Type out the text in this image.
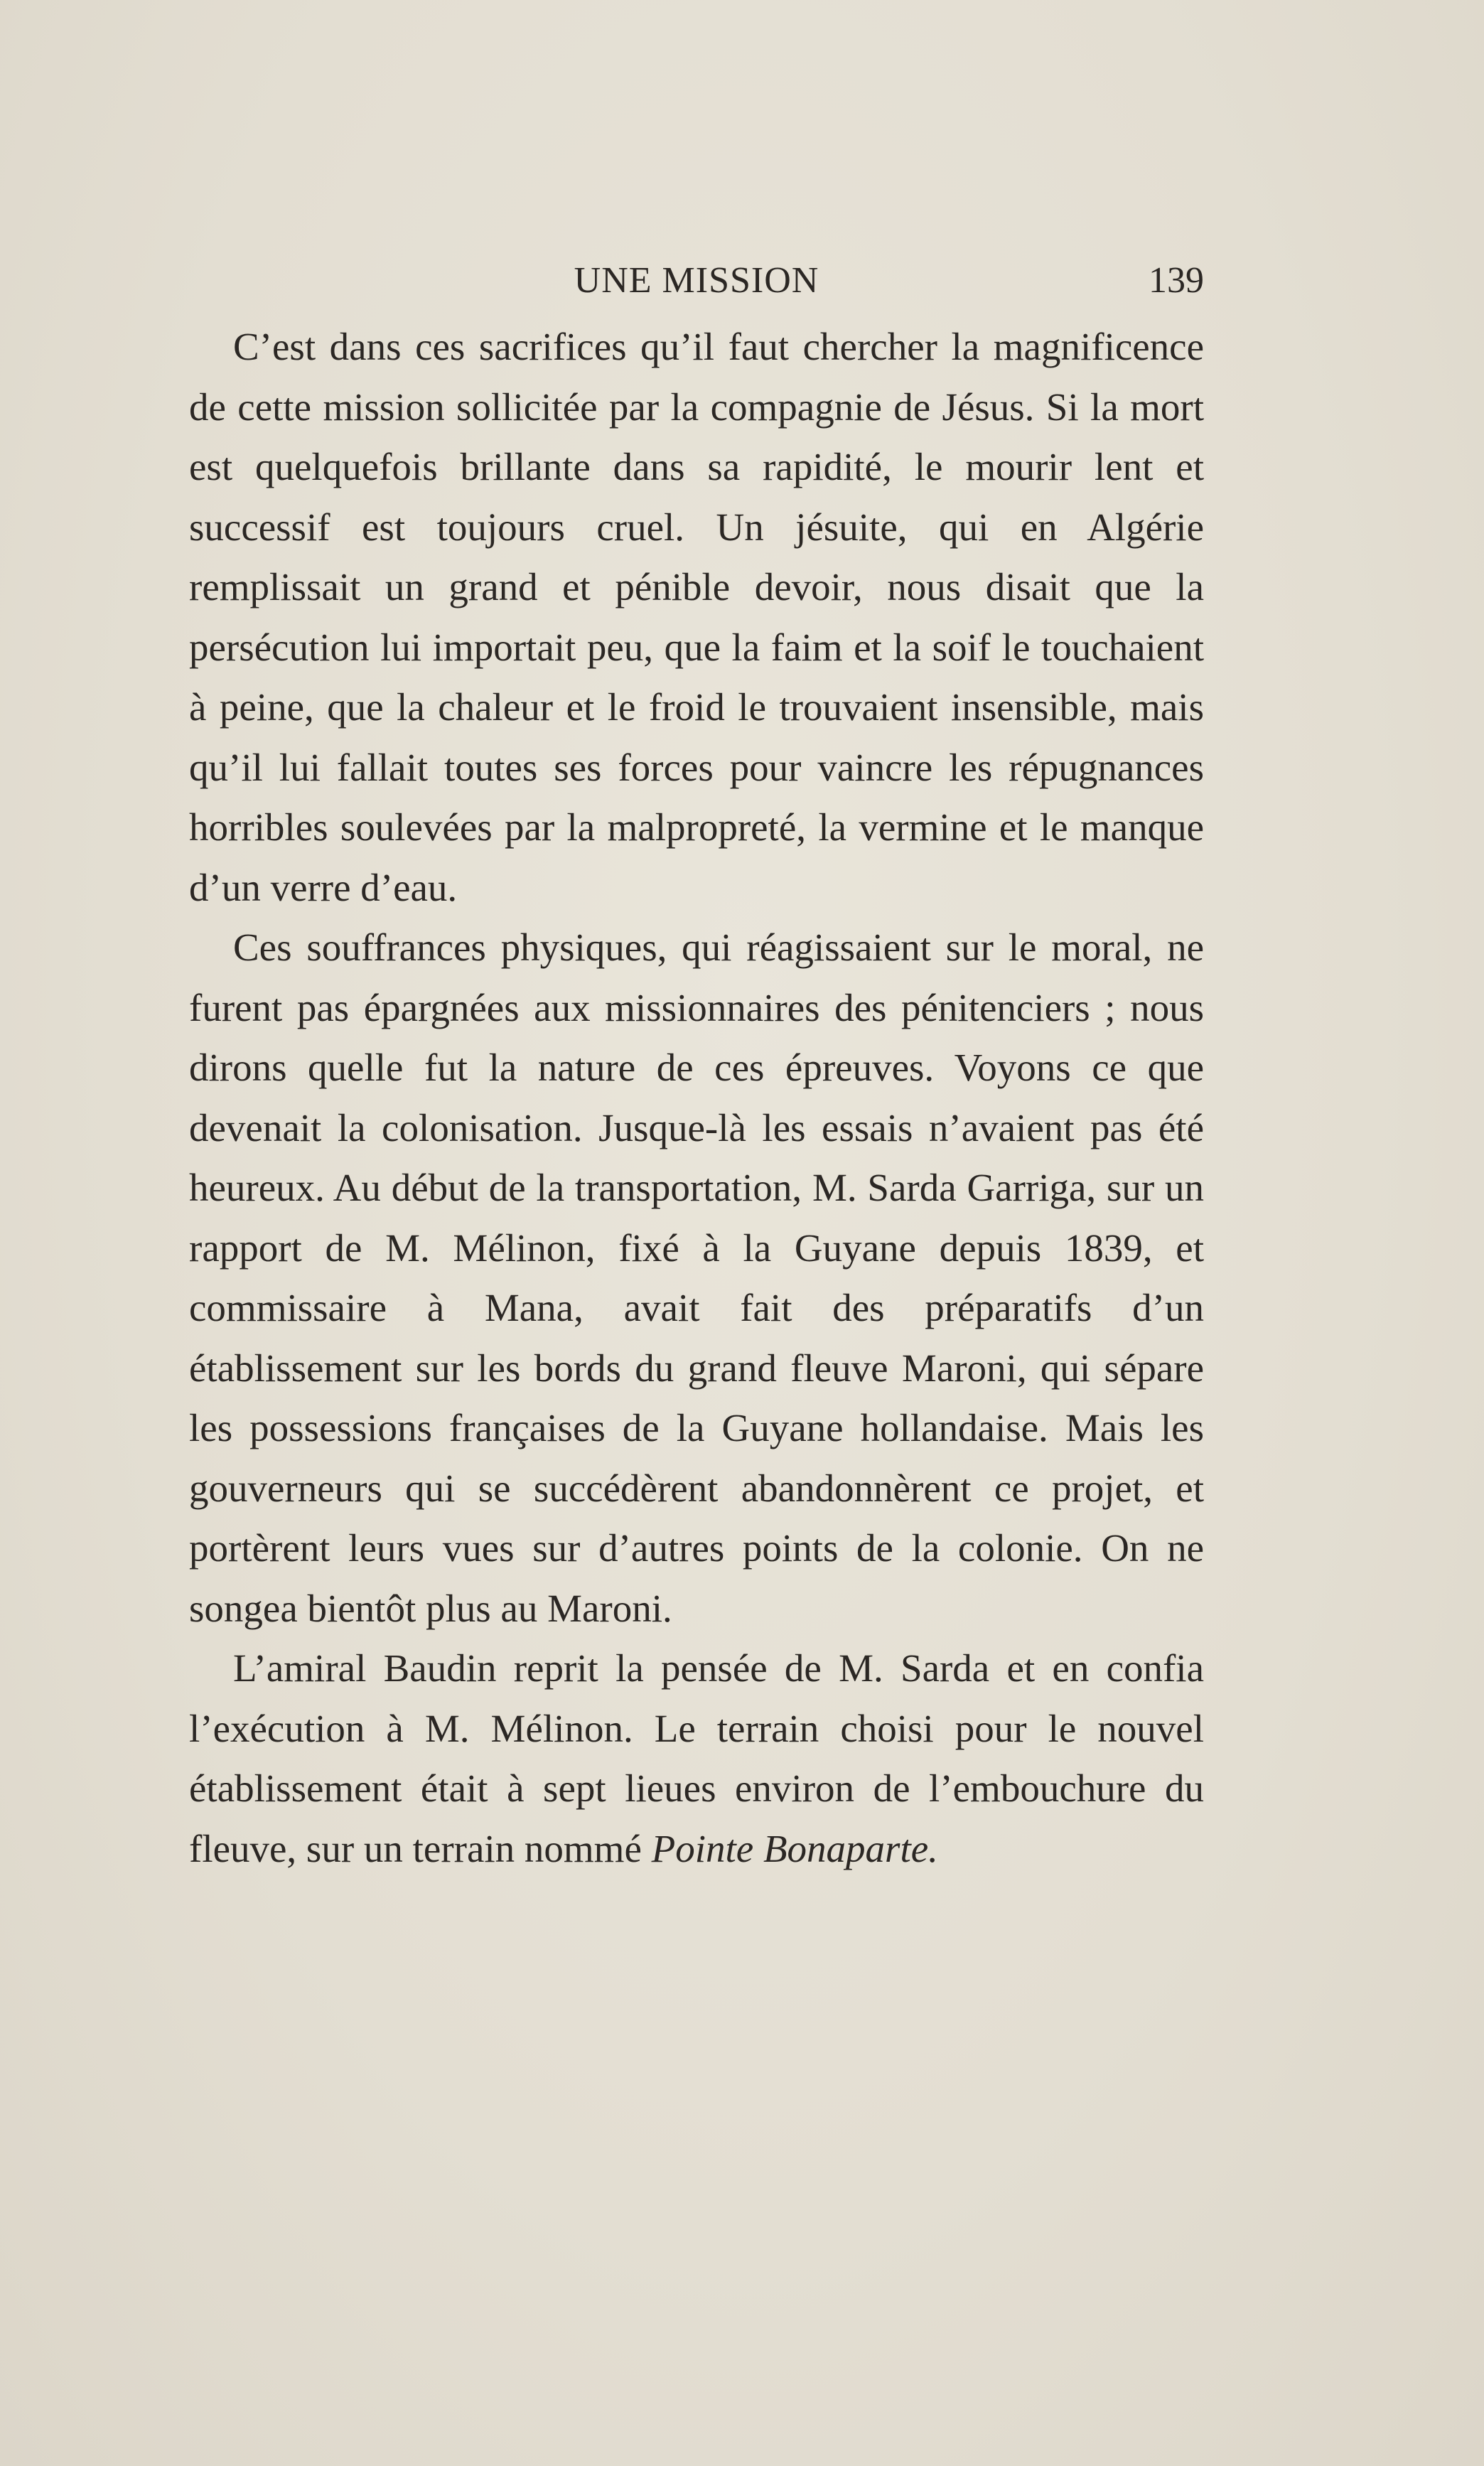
UNE MISSION	139

C’est dans ces sacrifices qu’il faut chercher la magnificence de cette mission sollicitée par la compagnie de Jésus. Si la mort est quelquefois brillante dans sa rapidité, le mourir lent et successif est toujours cruel. Un jésuite, qui en Algérie remplissait un grand et pénible devoir, nous disait que la persécution lui importait peu, que la faim et la soif le touchaient à peine, que la chaleur et le froid le trouvaient insensible, mais qu’il lui fallait toutes ses forces pour vaincre les répugnances horribles soulevées par la malpropreté, la vermine et le manque d’un verre d’eau.

Ces souffrances physiques, qui réagissaient sur le moral, ne furent pas épargnées aux missionnaires des pénitenciers ; nous dirons quelle fut la nature de ces épreuves. Voyons ce que devenait la colonisation. Jusque-là les essais n’avaient pas été heureux. Au début de la transportation, M. Sarda Garriga, sur un rapport de M. Mélinon, fixé à la Guyane depuis 1839, et commissaire à Mana, avait fait des préparatifs d’un établissement sur les bords du grand fleuve Maroni, qui sépare les possessions françaises de la Guyane hollandaise. Mais les gouverneurs qui se succédèrent abandonnèrent ce projet, et portèrent leurs vues sur d’autres points de la colonie. On ne songea bientôt plus au Maroni.

L’amiral Baudin reprit la pensée de M. Sarda et en confia l’exécution à M. Mélinon. Le terrain choisi pour le nouvel établissement était à sept lieues environ de l’embouchure du fleuve, sur un terrain nommé Pointe Bonaparte.
